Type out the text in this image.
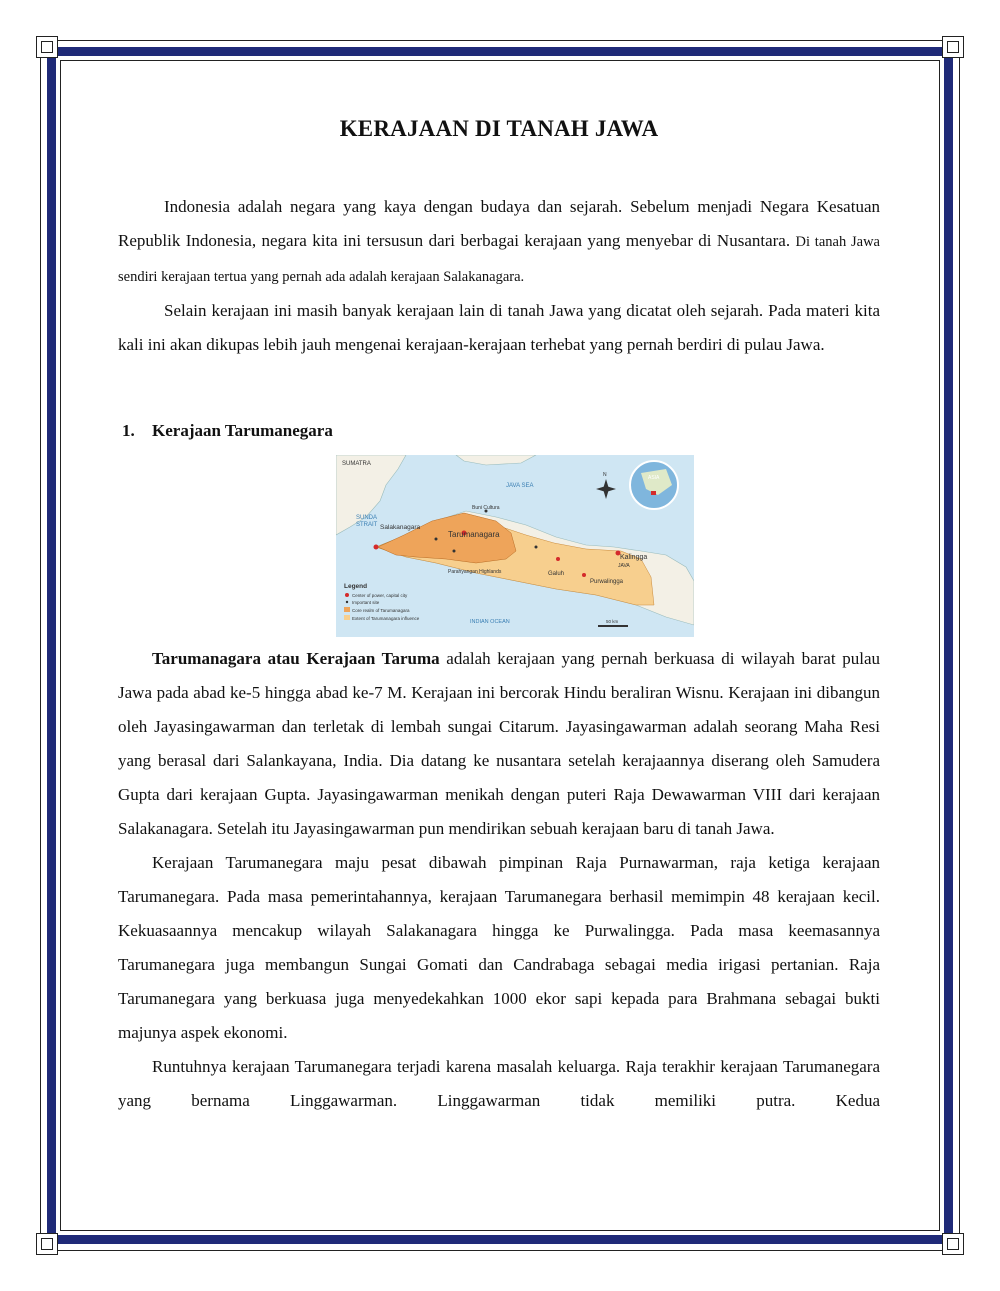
KERAJAAN DI TANAH JAWA

Indonesia adalah negara yang kaya dengan budaya dan sejarah. Sebelum menjadi Negara Kesatuan Republik Indonesia, negara kita ini tersusun dari berbagai kerajaan yang menyebar di Nusantara. Di tanah Jawa sendiri kerajaan tertua yang pernah ada adalah kerajaan Salakanagara.

Selain kerajaan ini masih banyak kerajaan lain di tanah Jawa yang dicatat oleh sejarah. Pada materi kita kali ini akan dikupas lebih jauh mengenai kerajaan-kerajaan terhebat yang pernah berdiri di pulau Jawa.

1. Kerajaan Tarumanegara
SUMATRA
JAVA SEA
SUNDA
STRAIT Salakanagara
Tarumanagara
Buni Cultura
Parahyangan Highlands	Galuh
Kalingga
JAVA
Purwalingga
INDIAN OCEAN
N	ASIA
Legend
Center of power, capital city
Important site
Core realm of Tarumanagara
Extent of Tarumanagara influence
50 km

Tarumanagara atau Kerajaan Taruma adalah kerajaan yang pernah berkuasa di wilayah barat pulau Jawa pada abad ke-5 hingga abad ke-7 M. Kerajaan ini bercorak Hindu beraliran Wisnu. Kerajaan ini dibangun oleh Jayasingawarman dan terletak di lembah sungai Citarum. Jayasingawarman adalah seorang Maha Resi yang berasal dari Salankayana, India. Dia datang ke nusantara setelah kerajaannya diserang oleh Samudera Gupta dari kerajaan Gupta. Jayasingawarman menikah dengan puteri Raja Dewawarman VIII dari kerajaan Salakanagara. Setelah itu Jayasingawarman pun mendirikan sebuah kerajaan baru di tanah Jawa.

Kerajaan Tarumanegara maju pesat dibawah pimpinan Raja Purnawarman, raja ketiga kerajaan Tarumanegara. Pada masa pemerintahannya, kerajaan Tarumanegara berhasil memimpin 48 kerajaan kecil. Kekuasaannya mencakup wilayah Salakanagara hingga ke Purwalingga. Pada masa keemasannya Tarumanegara juga membangun Sungai Gomati dan Candrabaga sebagai media irigasi pertanian. Raja Tarumanegara yang berkuasa juga menyedekahkan 1000 ekor sapi kepada para Brahmana sebagai bukti majunya aspek ekonomi.

Runtuhnya kerajaan Tarumanegara terjadi karena masalah keluarga. Raja terakhir kerajaan Tarumanegara yang bernama Linggawarman. Linggawarman tidak memiliki putra. Kedua
